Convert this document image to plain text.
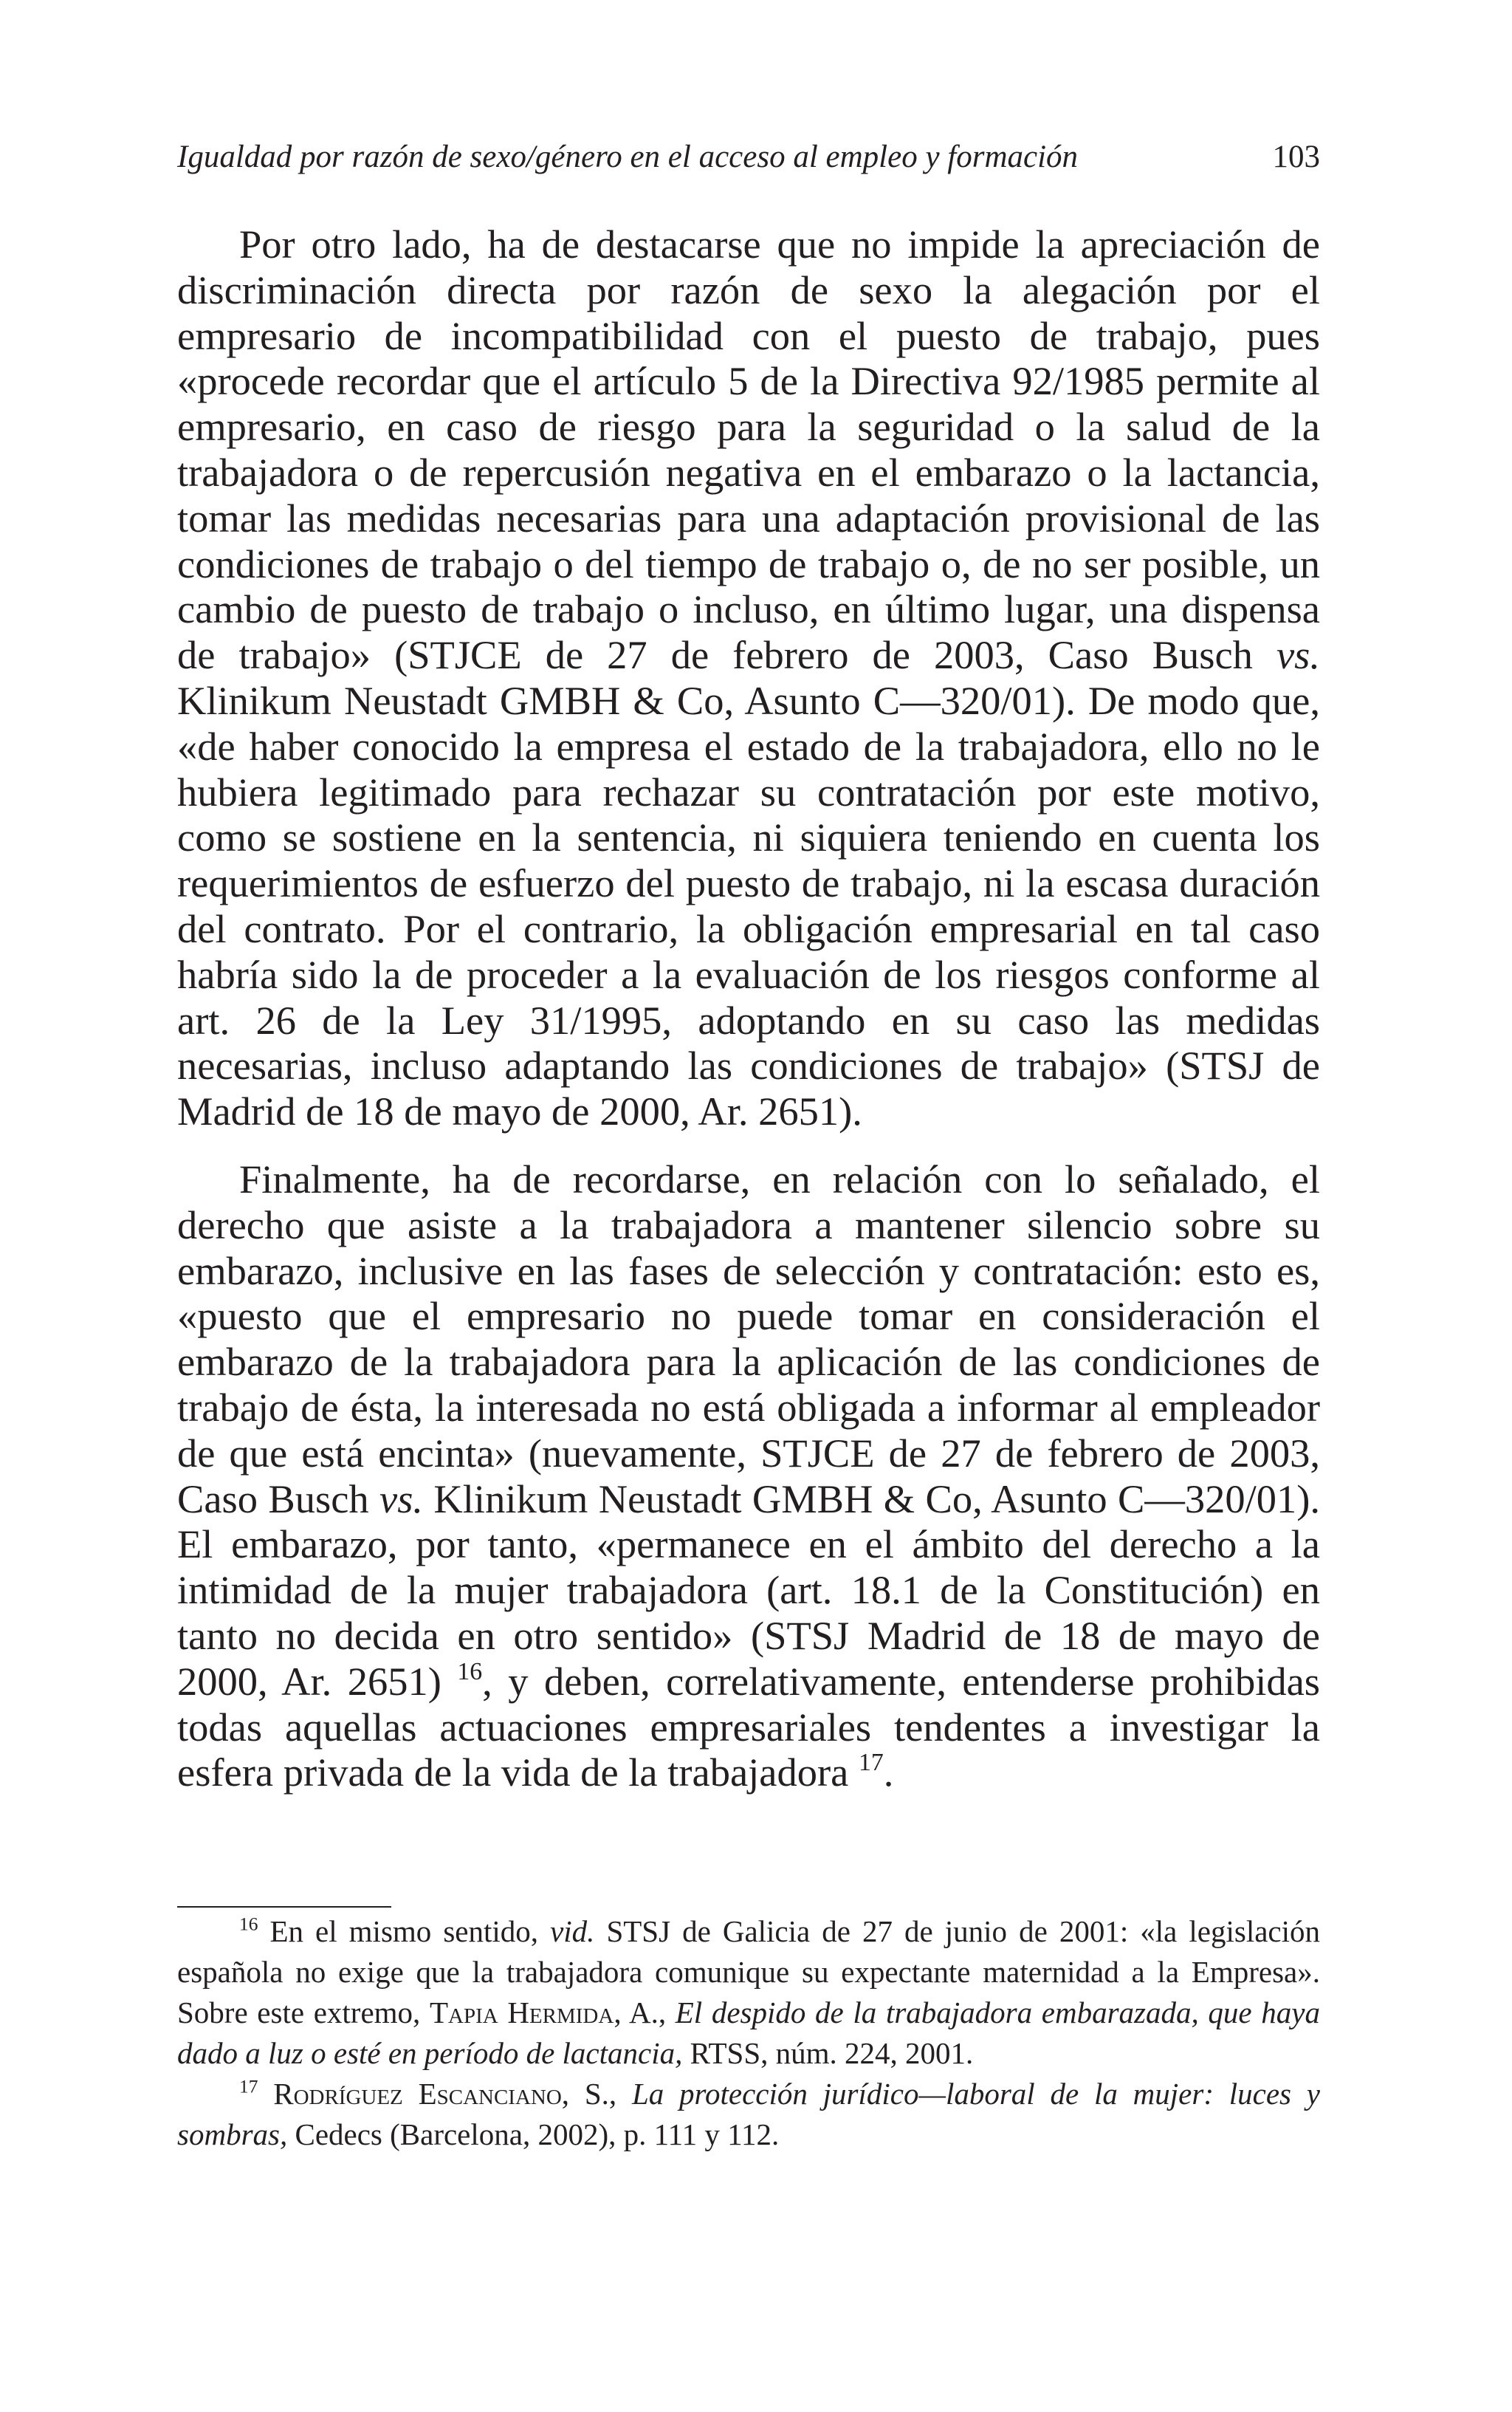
Igualdad por razón de sexo/género en el acceso al empleo y formación	103

Por otro lado, ha de destacarse que no impide la apreciación de discriminación directa por razón de sexo la alegación por el empresario de incompatibilidad con el puesto de trabajo, pues «procede recordar que el artículo 5 de la Directiva 92/1985 permite al empresario, en caso de riesgo para la seguridad o la salud de la trabajadora o de repercusión negativa en el embarazo o la lactancia, tomar las medidas necesarias para una adaptación provisional de las condiciones de trabajo o del tiempo de trabajo o, de no ser posible, un cambio de puesto de trabajo o incluso, en último lugar, una dispensa de trabajo» (STJCE de 27 de febrero de 2003, Caso Busch vs. Klinikum Neustadt GMBH & Co, Asunto C—320/01). De modo que, «de haber conocido la empresa el estado de la trabajadora, ello no le hubiera legitimado para rechazar su contratación por este motivo, como se sostiene en la sentencia, ni siquiera teniendo en cuenta los requerimientos de esfuerzo del puesto de trabajo, ni la escasa duración del contrato. Por el contrario, la obligación empresarial en tal caso habría sido la de proceder a la evaluación de los riesgos conforme al art. 26 de la Ley 31/1995, adoptando en su caso las medidas necesarias, incluso adaptando las condiciones de trabajo» (STSJ de Madrid de 18 de mayo de 2000, Ar. 2651).

Finalmente, ha de recordarse, en relación con lo señalado, el derecho que asiste a la trabajadora a mantener silencio sobre su embarazo, inclusive en las fases de selección y contratación: esto es, «puesto que el empresario no puede tomar en consideración el embarazo de la trabajadora para la aplicación de las condiciones de trabajo de ésta, la interesada no está obligada a informar al empleador de que está encinta» (nuevamente, STJCE de 27 de febrero de 2003, Caso Busch vs. Klinikum Neustadt GMBH & Co, Asunto C—320/01). El embarazo, por tanto, «permanece en el ámbito del derecho a la intimidad de la mujer trabajadora (art. 18.1 de la Constitución) en tanto no decida en otro sentido» (STSJ Madrid de 18 de mayo de 2000, Ar. 2651) $^{16}$, y deben, correlativamente, entenderse prohibidas todas aquellas actuaciones empresariales tendentes a investigar la esfera privada de la vida de la trabajadora $^{17}$.

$^{16}$ En el mismo sentido, vid. STSJ de Galicia de 27 de junio de 2001: «la legislación española no exige que la trabajadora comunique su expectante maternidad a la Empresa». Sobre este extremo, Tapia Hermida, A., El despido de la trabajadora embarazada, que haya dado a luz o esté en período de lactancia, RTSS, núm. 224, 2001.

$^{17}$ Rodríguez Escanciano, S., La protección jurídico—laboral de la mujer: luces y sombras, Cedecs (Barcelona, 2002), p. 111 y 112.
